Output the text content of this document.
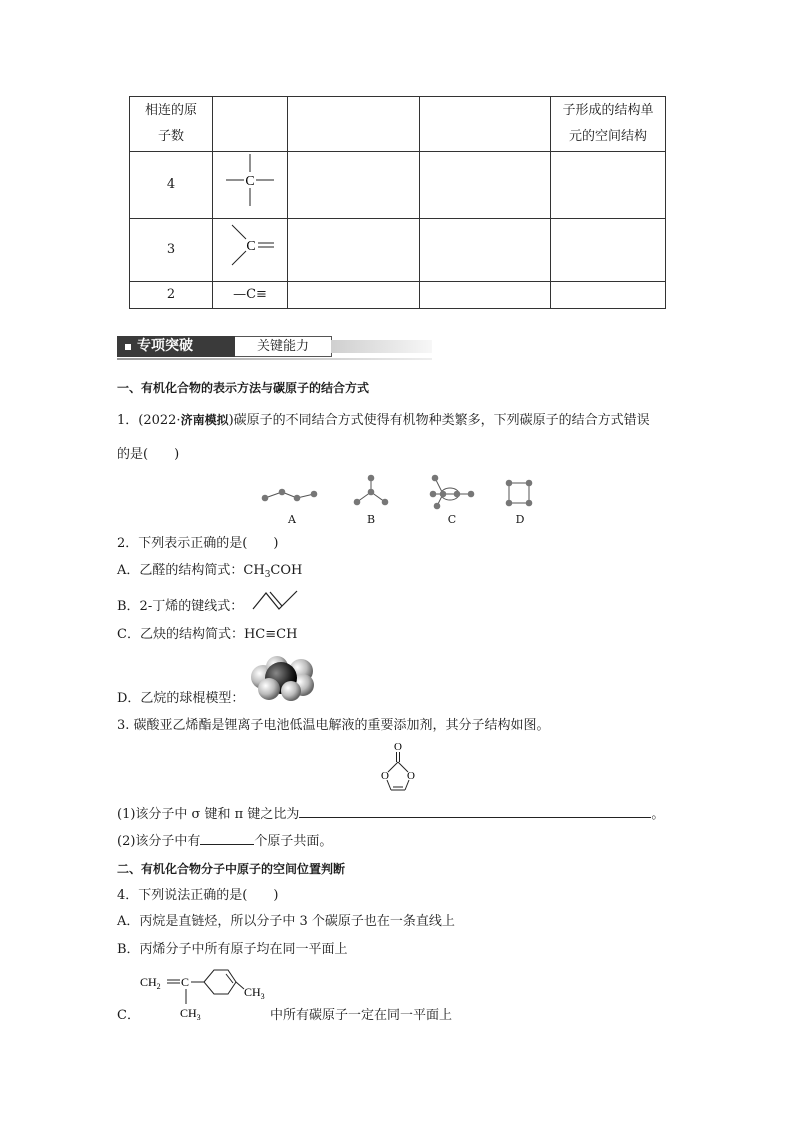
相连的原
子数				子形成的结构单
元的空间结构
4	C			

3	C			

2	—C≡			
专项突破	关键能力
一、有机化合物的表示方法与碳原子的结合方式
1．(2022·济南模拟)碳原子的不同结合方式使得有机物种类繁多，下列碳原子的结合方式错误
的是(　　)
A	B	C	D
2．下列表示正确的是(　　)
A．乙醛的结构简式：$CH_3COH$
B．2-丁烯的键线式：
C．乙炔的结构简式：HC≡CH
D．乙烷的球棍模型：
3. 碳酸亚乙烯酯是锂离子电池低温电解液的重要添加剂，其分子结构如图。
O
O O
(1)该分子中 σ 键和 π 键之比为	。
(2)该分子中有	个原子共面。
二、有机化合物分子中原子的空间位置判断
4．下列说法正确的是(　　)
A．丙烷是直链烃，所以分子中 3 个碳原子也在一条直线上
B．丙烯分子中所有原子均在同一平面上
$CH_2$ C
$CH_3$
$CH_3$
C．	中所有碳原子一定在同一平面上
